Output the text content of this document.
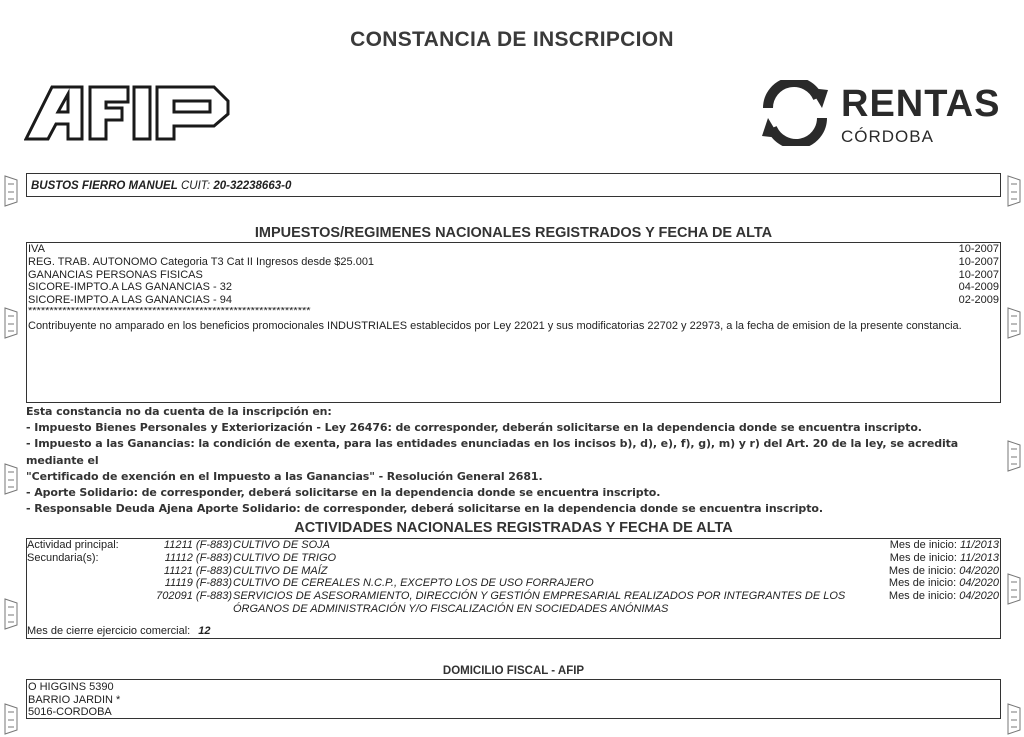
CONSTANCIA DE INSCRIPCION
RENTAS
CÓRDOBA
BUSTOS FIERRO MANUEL CUIT: 20-32238663-0
IMPUESTOS/REGIMENES NACIONALES REGISTRADOS Y FECHA DE ALTA
IVA	10-2007
REG. TRAB. AUTONOMO Categoria T3 Cat II Ingresos desde $25.001	10-2007
GANANCIAS PERSONAS FISICAS	10-2007
SICORE-IMPTO.A LAS GANANCIAS - 32	04-2009
SICORE-IMPTO.A LAS GANANCIAS - 94	02-2009
******************************************************************
Contribuyente no amparado en los beneficios promocionales INDUSTRIALES establecidos por Ley 22021 y sus modificatorias 22702 y 22973, a la fecha de emision de la presente constancia.
Esta constancia no da cuenta de la inscripción en:
- Impuesto Bienes Personales y Exteriorización - Ley 26476: de corresponder, deberán solicitarse en la dependencia donde se encuentra inscripto.
- Impuesto a las Ganancias: la condición de exenta, para las entidades enunciadas en los incisos b), d), e), f), g), m) y r) del Art. 20 de la ley, se acredita mediante el
"Certificado de exención en el Impuesto a las Ganancias" - Resolución General 2681.
- Aporte Solidario: de corresponder, deberá solicitarse en la dependencia donde se encuentra inscripto.
- Responsable Deuda Ajena Aporte Solidario: de corresponder, deberá solicitarse en la dependencia donde se encuentra inscripto.
ACTIVIDADES NACIONALES REGISTRADAS Y FECHA DE ALTA
Actividad principal:	11211 (F-883) CULTIVO DE SOJA	Mes de inicio: 11/2013
Secundaria(s):	11112 (F-883) CULTIVO DE TRIGO	Mes de inicio: 11/2013
11121 (F-883) CULTIVO DE MAÍZ	Mes de inicio: 04/2020
11119 (F-883) CULTIVO DE CEREALES N.C.P., EXCEPTO LOS DE USO FORRAJERO	Mes de inicio: 04/2020
702091 (F-883) SERVICIOS DE ASESORAMIENTO, DIRECCIÓN Y GESTIÓN EMPRESARIAL REALIZADOS POR INTEGRANTES DE LOS	Mes de inicio: 04/2020
ÓRGANOS DE ADMINISTRACIÓN Y/O FISCALIZACIÓN EN SOCIEDADES ANÓNIMAS
Mes de cierre ejercicio comercial: 12
DOMICILIO FISCAL - AFIP
O HIGGINS 5390
BARRIO JARDIN *
5016-CORDOBA
